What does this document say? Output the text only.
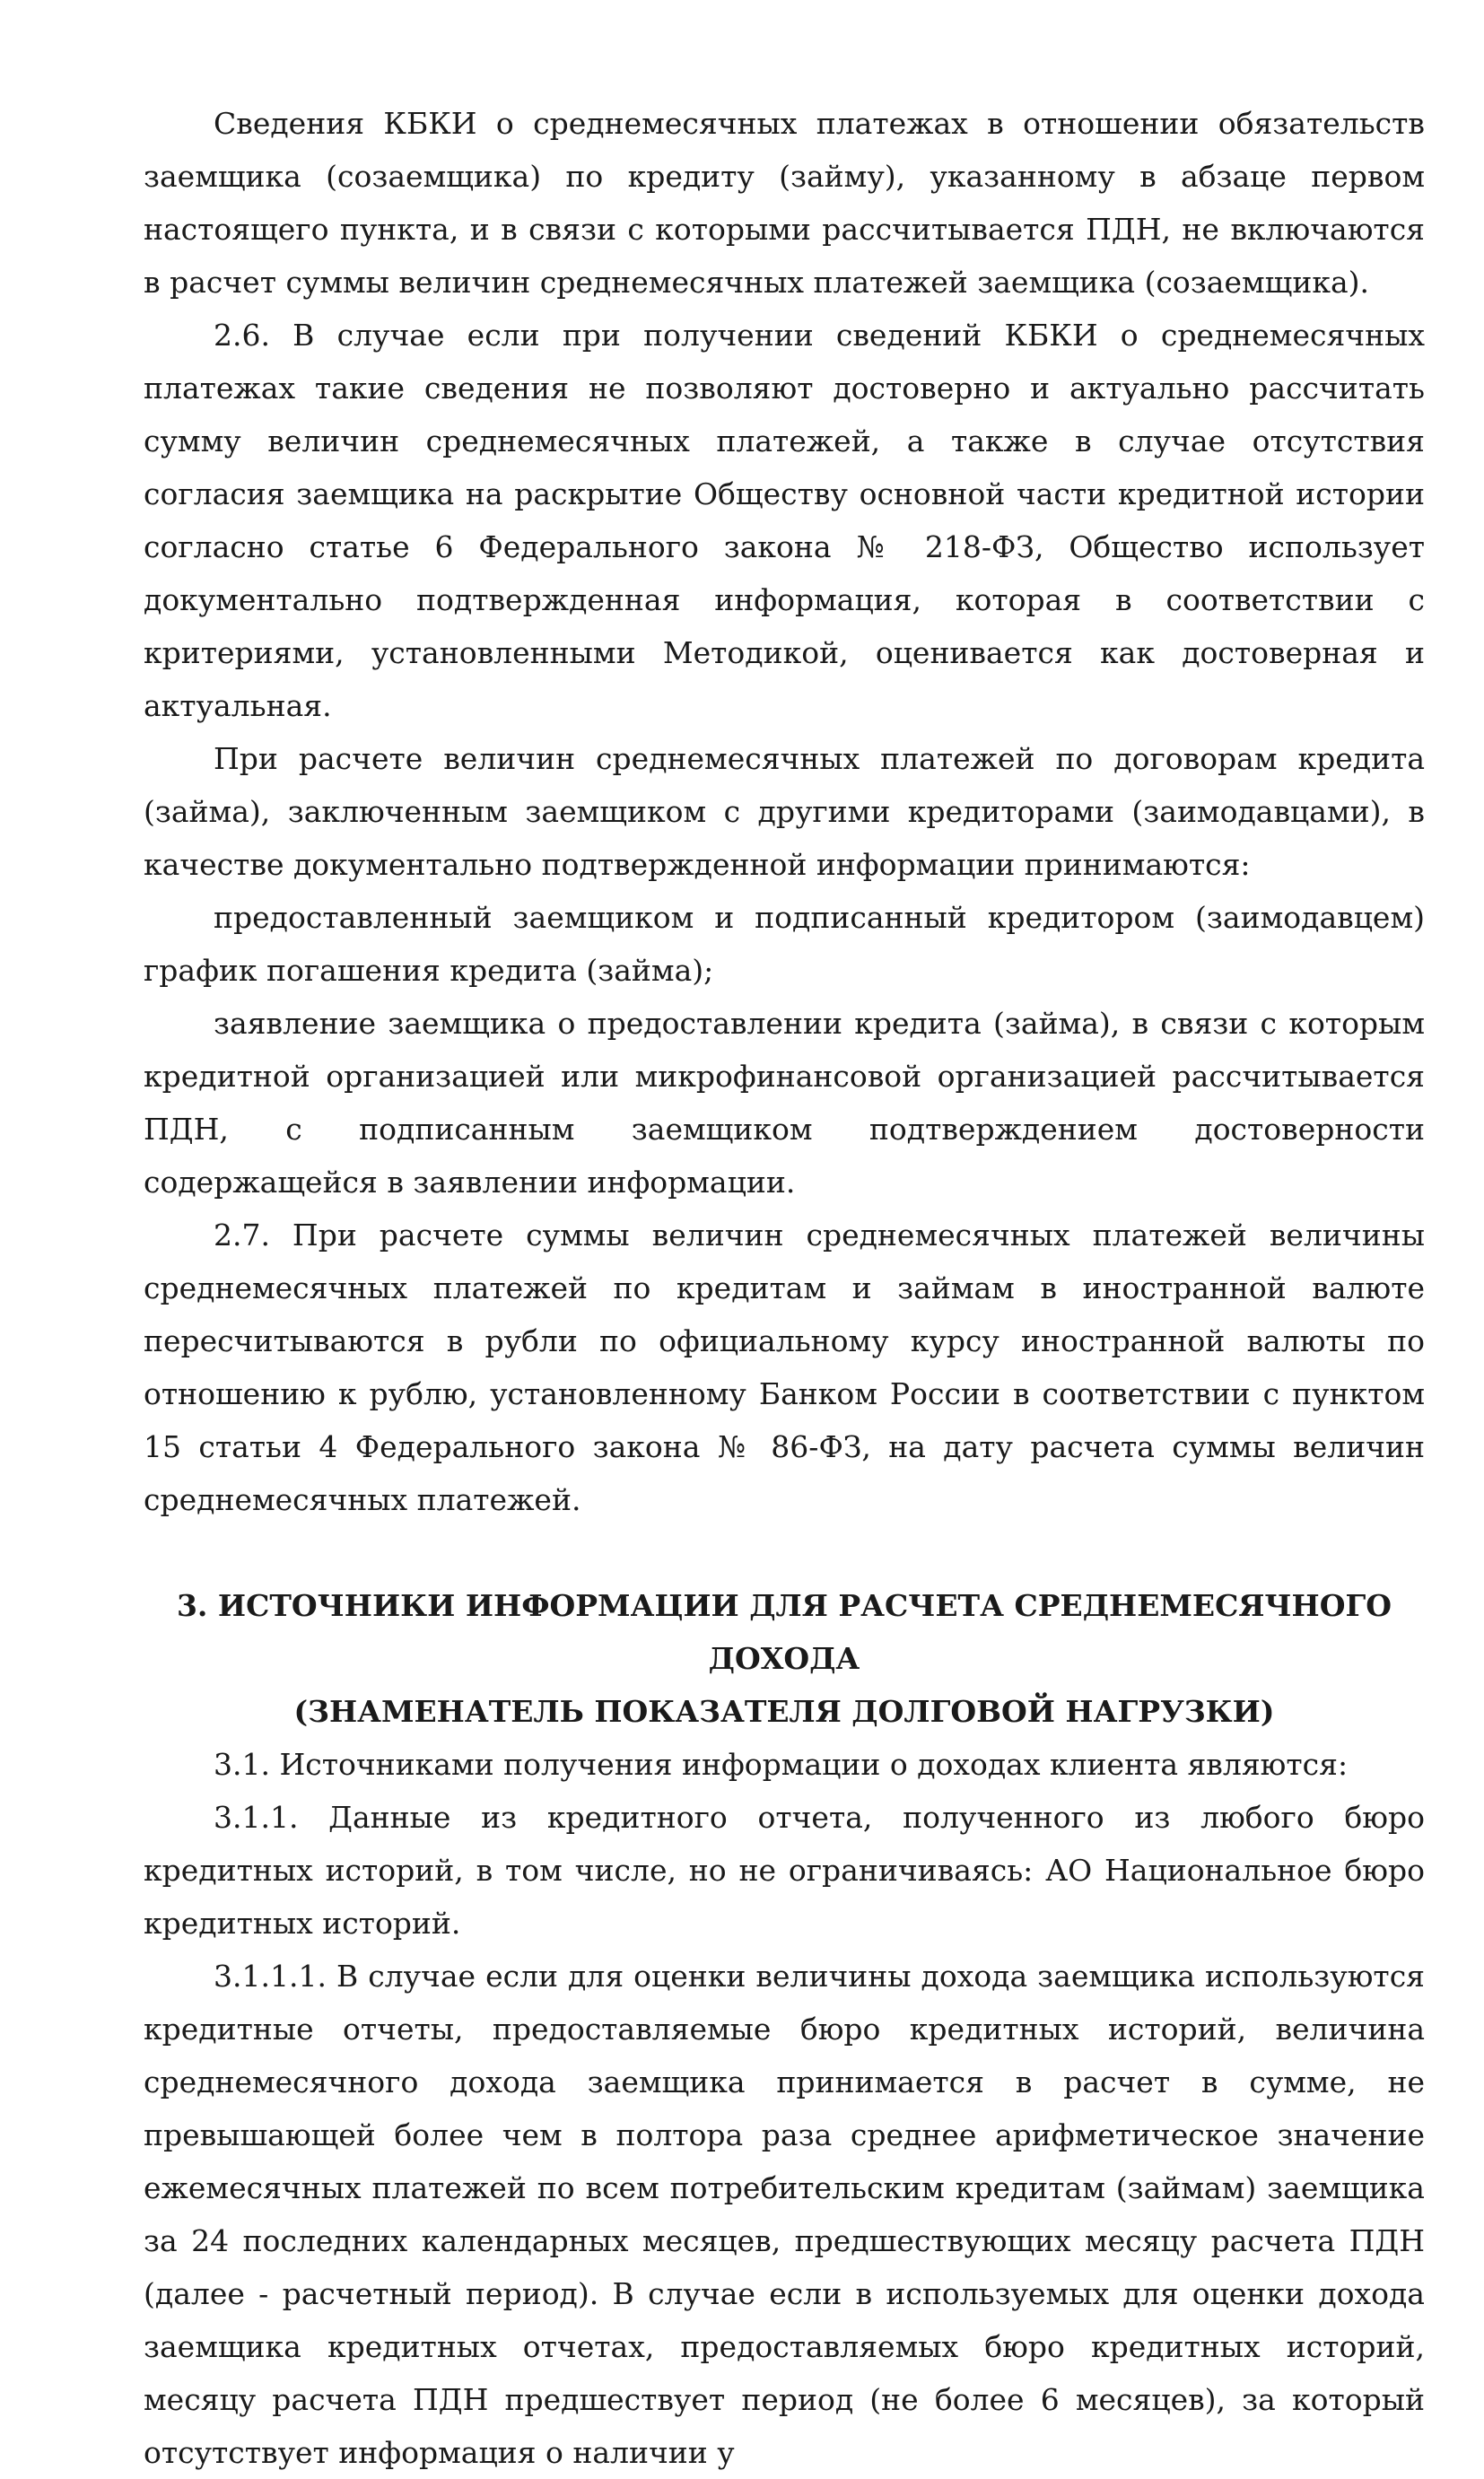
Сведения КБКИ о среднемесячных платежах в отношении обязательств заемщика (созаемщика) по кредиту (займу), указанному в абзаце первом настоящего пункта, и в связи с которыми рассчитывается ПДН, не включаются в расчет суммы величин среднемесячных платежей заемщика (созаемщика).

2.6. В случае если при получении сведений КБКИ о среднемесячных платежах такие сведения не позволяют достоверно и актуально рассчитать сумму величин среднемесячных платежей, а также в случае отсутствия согласия заемщика на раскрытие Обществу основной части кредитной истории согласно статье 6 Федерального закона № 218-ФЗ, Общество использует документально подтвержденная информация, которая в соответствии с критериями, установленными Методикой, оценивается как достоверная и актуальная.

При расчете величин среднемесячных платежей по договорам кредита (займа), заключенным заемщиком с другими кредиторами (заимодавцами), в качестве документально подтвержденной информации принимаются:

предоставленный заемщиком и подписанный кредитором (заимодавцем) график погашения кредита (займа);

заявление заемщика о предоставлении кредита (займа), в связи с которым кредитной организацией или микрофинансовой организацией рассчитывается ПДН, с подписанным заемщиком подтверждением достоверности содержащейся в заявлении информации.

2.7. При расчете суммы величин среднемесячных платежей величины среднемесячных платежей по кредитам и займам в иностранной валюте пересчитываются в рубли по официальному курсу иностранной валюты по отношению к рублю, установленному Банком России в соответствии с пунктом 15 статьи 4 Федерального закона № 86-ФЗ, на дату расчета суммы величин среднемесячных платежей.

3. ИСТОЧНИКИ ИНФОРМАЦИИ ДЛЯ РАСЧЕТА СРЕДНЕМЕСЯЧНОГО ДОХОДА
(ЗНАМЕНАТЕЛЬ ПОКАЗАТЕЛЯ ДОЛГОВОЙ НАГРУЗКИ)

3.1. Источниками получения информации о доходах клиента являются:

3.1.1. Данные из кредитного отчета, полученного из любого бюро кредитных историй, в том числе, но не ограничиваясь: АО Национальное бюро кредитных историй.

3.1.1.1. В случае если для оценки величины дохода заемщика используются кредитные отчеты, предоставляемые бюро кредитных историй, величина среднемесячного дохода заемщика принимается в расчет в сумме, не превышающей более чем в полтора раза среднее арифметическое значение ежемесячных платежей по всем потребительским кредитам (займам) заемщика за 24 последних календарных месяцев, предшествующих месяцу расчета ПДН (далее - расчетный период). В случае если в используемых для оценки дохода заемщика кредитных отчетах, предоставляемых бюро кредитных историй, месяцу расчета ПДН предшествует период (не более 6 месяцев), за который отсутствует информация о наличии у
